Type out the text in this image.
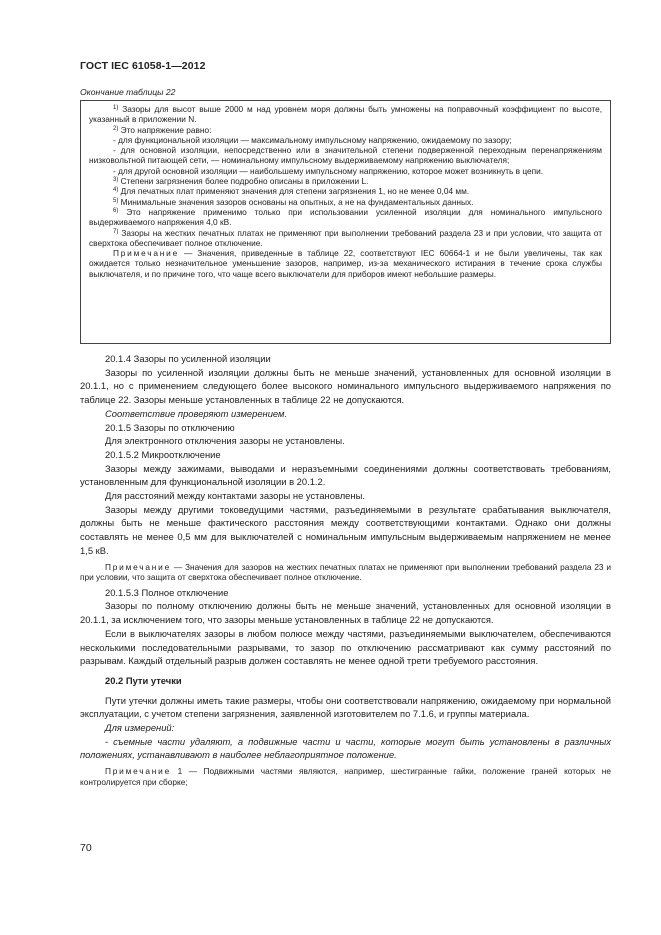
ГОСТ IEC 61058-1—2012
Окончание таблицы 22

$^{1)}$ Зазоры для высот выше 2000 м над уровнем моря должны быть умножены на поправочный коэффициент по высоте, указанный в приложении N.

$^{2)}$ Это напряжение равно:

- для функциональной изоляции — максимальному импульсному напряжению, ожидаемому по зазору;

- для основной изоляции, непосредственно или в значительной степени подверженной переходным перенапряжениям низковольтной питающей сети, — номинальному импульсному выдерживаемому напряжению выключателя;

- для другой основной изоляции — наибольшему импульсному напряжению, которое может возникнуть в цепи.

$^{3)}$ Степени загрязнения более подробно описаны в приложении L.

$^{4)}$ Для печатных плат применяют значения для степени загрязнения 1, но не менее 0,04 мм.

$^{5)}$ Минимальные значения зазоров основаны на опытных, а не на фундаментальных данных.

$^{6)}$ Это напряжение применимо только при использовании усиленной изоляции для номинального импульсного выдерживаемого напряжения 4,0 кВ.

$^{7)}$ Зазоры на жестких печатных платах не применяют при выполнении требований раздела 23 и при условии, что защита от сверхтока обеспечивает полное отключение.

Примечание — Значения, приведенные в таблице 22, соответствуют IEC 60664-1 и не были увеличены, так как ожидается только незначительное уменьшение зазоров, например, из-за механического истирания в течение срока службы выключателя, и по причине того, что чаще всего выключатели для приборов имеют небольшие размеры.

20.1.4 Зазоры по усиленной изоляции

Зазоры по усиленной изоляции должны быть не меньше значений, установленных для основной изоляции в 20.1.1, но с применением следующего более высокого номинального импульсного выдерживаемого напряжения по таблице 22. Зазоры меньше установленных в таблице 22 не допускаются.

Соответствие проверяют измерением.

20.1.5 Зазоры по отключению

Для электронного отключения зазоры не установлены.

20.1.5.2 Микроотключение

Зазоры между зажимами, выводами и неразъемными соединениями должны соответствовать требованиям, установленным для функциональной изоляции в 20.1.2.

Для расстояний между контактами зазоры не установлены.

Зазоры между другими токоведущими частями, разъединяемыми в результате срабатывания выключателя, должны быть не меньше фактического расстояния между соответствующими контактами. Однако они должны составлять не менее 0,5 мм для выключателей с номинальным импульсным выдерживаемым напряжением не менее 1,5 кВ.

Примечание — Значения для зазоров на жестких печатных платах не применяют при выполнении требований раздела 23 и при условии, что защита от сверхтока обеспечивает полное отключение.

20.1.5.3 Полное отключение

Зазоры по полному отключению должны быть не меньше значений, установленных для основной изоляции в 20.1.1, за исключением того, что зазоры меньше установленных в таблице 22 не допускаются.

Если в выключателях зазоры в любом полюсе между частями, разъединяемыми выключателем, обеспечиваются несколькими последовательными разрывами, то зазор по отключению рассматривают как сумму расстояний по разрывам. Каждый отдельный разрыв должен составлять не менее одной трети требуемого расстояния.

20.2 Пути утечки

Пути утечки должны иметь такие размеры, чтобы они соответствовали напряжению, ожидаемому при нормальной эксплуатации, с учетом степени загрязнения, заявленной изготовителем по 7.1.6, и группы материала.

Для измерений:

- съемные части удаляют, а подвижные части и части, которые могут быть установлены в различных положениях, устанавливают в наиболее неблагоприятное положение.

Примечание 1 — Подвижными частями являются, например, шестигранные гайки, положение граней которых не контролируется при сборке;

70
